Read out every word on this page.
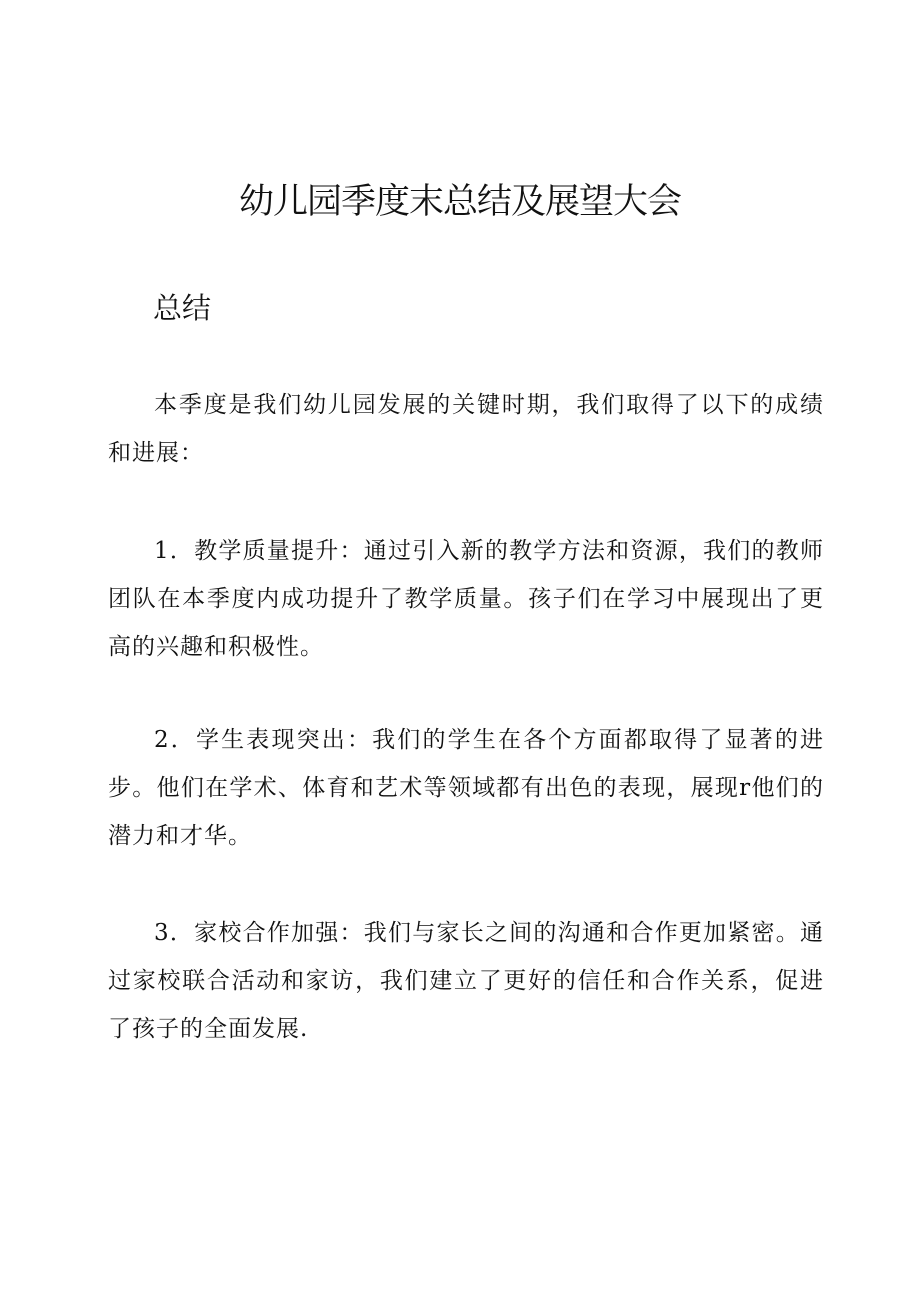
幼儿园季度末总结及展望大会
总结

本季度是我们幼儿园发展的关键时期，我们取得了以下的成绩和进展：

1．教学质量提升：通过引入新的教学方法和资源，我们的教师团队在本季度内成功提升了教学质量。孩子们在学习中展现出了更高的兴趣和积极性。

2．学生表现突出：我们的学生在各个方面都取得了显著的进步。他们在学术、体育和艺术等领域都有出色的表现，展现r他们的潜力和才华。

3．家校合作加强：我们与家长之间的沟通和合作更加紧密。通过家校联合活动和家访，我们建立了更好的信任和合作关系，促进了孩子的全面发展.
